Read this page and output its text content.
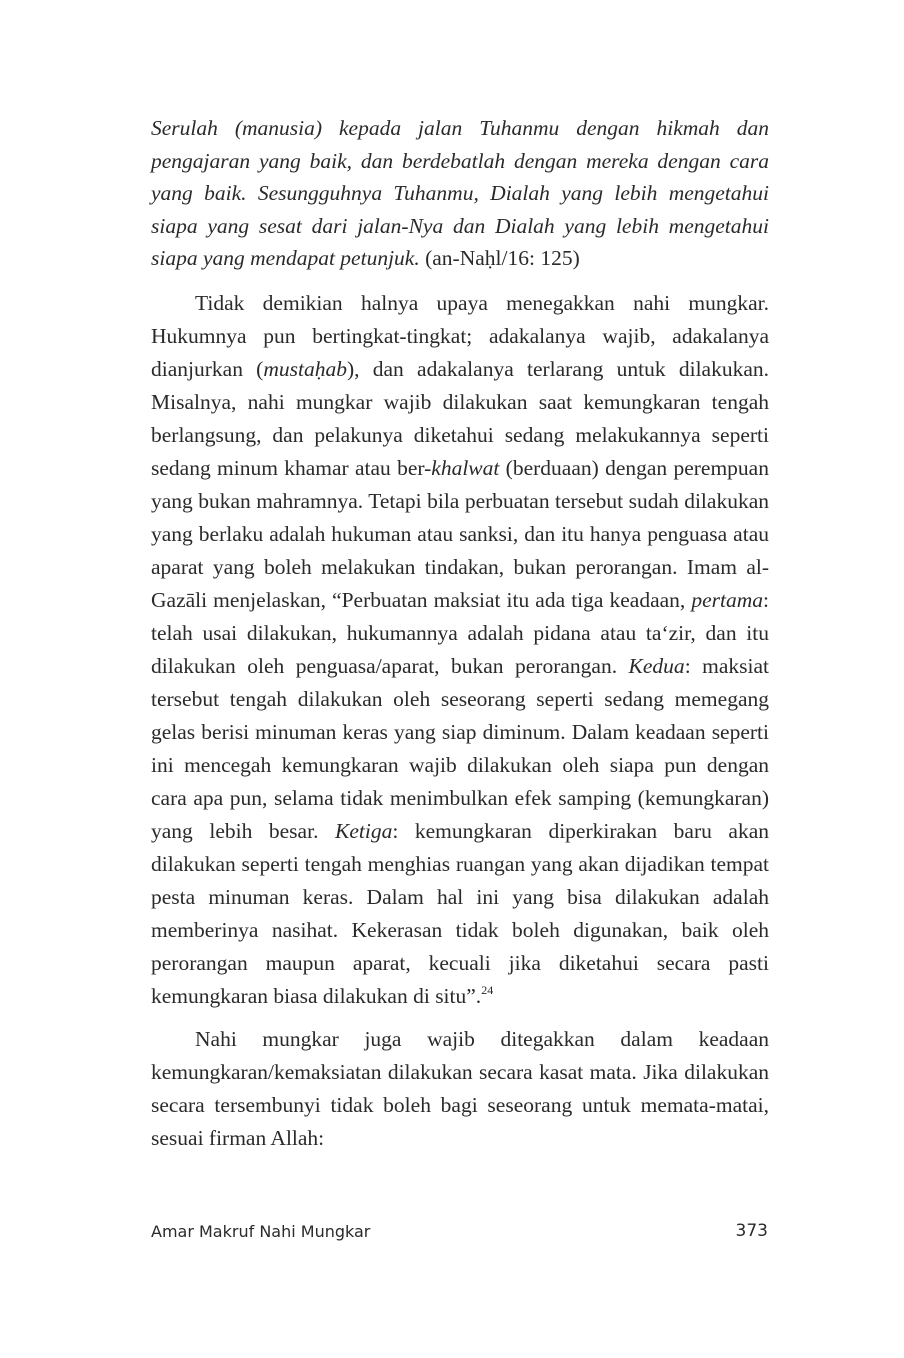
Serulah (manusia) kepada jalan Tuhanmu dengan hikmah dan pengajaran yang baik, dan berdebatlah dengan mereka dengan cara yang baik. Sesungguhnya Tuhanmu, Dialah yang lebih mengetahui siapa yang sesat dari jalan-Nya dan Dialah yang lebih mengetahui siapa yang mendapat petunjuk. (an-Naḥl/16: 125)

Tidak demikian halnya upaya menegakkan nahi mungkar. Hukumnya pun bertingkat-tingkat; adakalanya wajib, adakalanya dianjurkan (mustaḥab), dan adakalanya terlarang untuk dilakukan. Misalnya, nahi mungkar wajib dilakukan saat kemungkaran tengah berlangsung, dan pelakunya diketahui sedang melakukannya seperti sedang minum khamar atau ber-khalwat (berduaan) dengan perempuan yang bukan mahramnya. Tetapi bila perbuatan tersebut sudah dilakukan yang berlaku adalah hukuman atau sanksi, dan itu hanya penguasa atau aparat yang boleh melakukan tindakan, bukan perorangan. Imam al-Gazāli menjelaskan, “Perbuatan maksiat itu ada tiga keadaan, pertama: telah usai dilakukan, hukumannya adalah pidana atau ta‘zir, dan itu dilakukan oleh penguasa/aparat, bukan perorangan. Kedua: maksiat tersebut tengah dilakukan oleh seseorang seperti sedang memegang gelas berisi minuman keras yang siap diminum. Dalam keadaan seperti ini mencegah kemungkaran wajib dilakukan oleh siapa pun dengan cara apa pun, selama tidak menimbulkan efek samping (kemungkaran) yang lebih besar. Ketiga: kemungkaran diperkirakan baru akan dilakukan seperti tengah menghias ruangan yang akan dijadikan tempat pesta minuman keras. Dalam hal ini yang bisa dilakukan adalah memberinya nasihat. Kekerasan tidak boleh digunakan, baik oleh perorangan maupun aparat, kecuali jika diketahui secara pasti kemungkaran biasa dilakukan di situ”.$^{24}$

Nahi mungkar juga wajib ditegakkan dalam keadaan kemungkaran/kemaksiatan dilakukan secara kasat mata. Jika dilakukan secara tersembunyi tidak boleh bagi seseorang untuk memata-matai, sesuai firman Allah:

Amar Makruf Nahi Mungkar	373
